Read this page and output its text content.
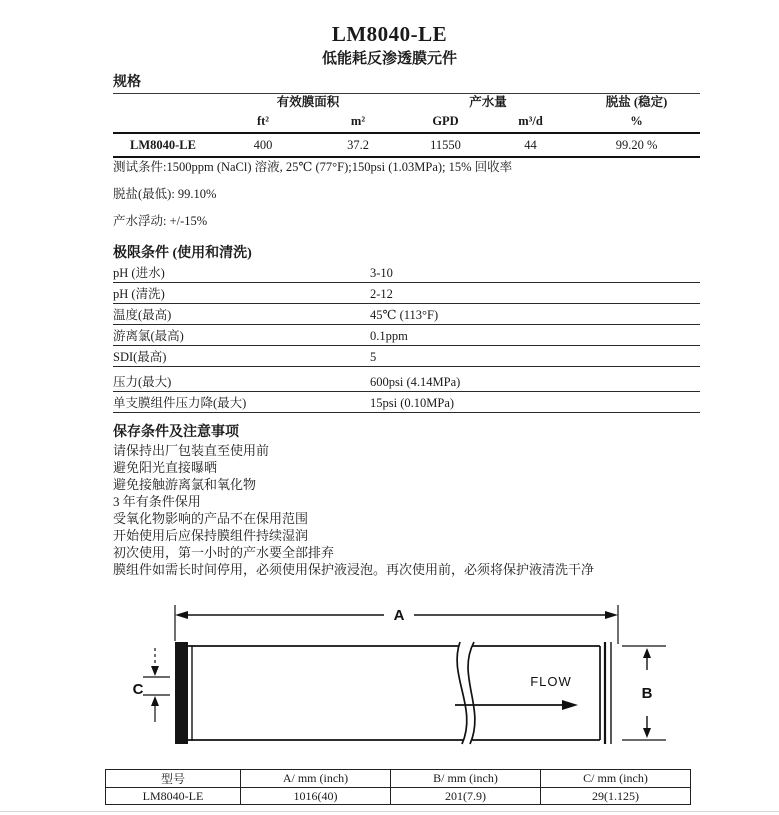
LM8040-LE
低能耗反渗透膜元件
规格
	有效膜面积		产水量		脱盐 (稳定)
	ft²	m²	GPD	m³/d	%
LM8040-LE	400	37.2	11550	44	99.20 %
测试条件:1500ppm (NaCl) 溶液, 25℃ (77°F);150psi (1.03MPa); 15% 回收率
脱盐(最低): 99.10%
产水浮动: +/-15%
极限条件 (使用和清洗)
pH (进水)	3-10
pH (清洗)	2-12
温度(最高)	45℃ (113°F)
游离氯(最高)	0.1ppm
SDI(最高)	5
压力(最大)	600psi (4.14MPa)
单支膜组件压力降(最大)	15psi (0.10MPa)
保存条件及注意事项
请保持出厂包装直至使用前
避免阳光直接曝晒
避免接触游离氯和氧化物
3 年有条件保用
受氧化物影响的产品不在保用范围
开始使用后应保持膜组件持续湿润
初次使用，第一小时的产水要全部排弃
膜组件如需长时间停用，必须使用保护液浸泡。再次使用前，必须将保护液清洗干净
A
FLOW
B
C
型号	A/ mm (inch)	B/ mm (inch)	C/ mm (inch)
LM8040-LE	1016(40)	201(7.9)	29(1.125)
